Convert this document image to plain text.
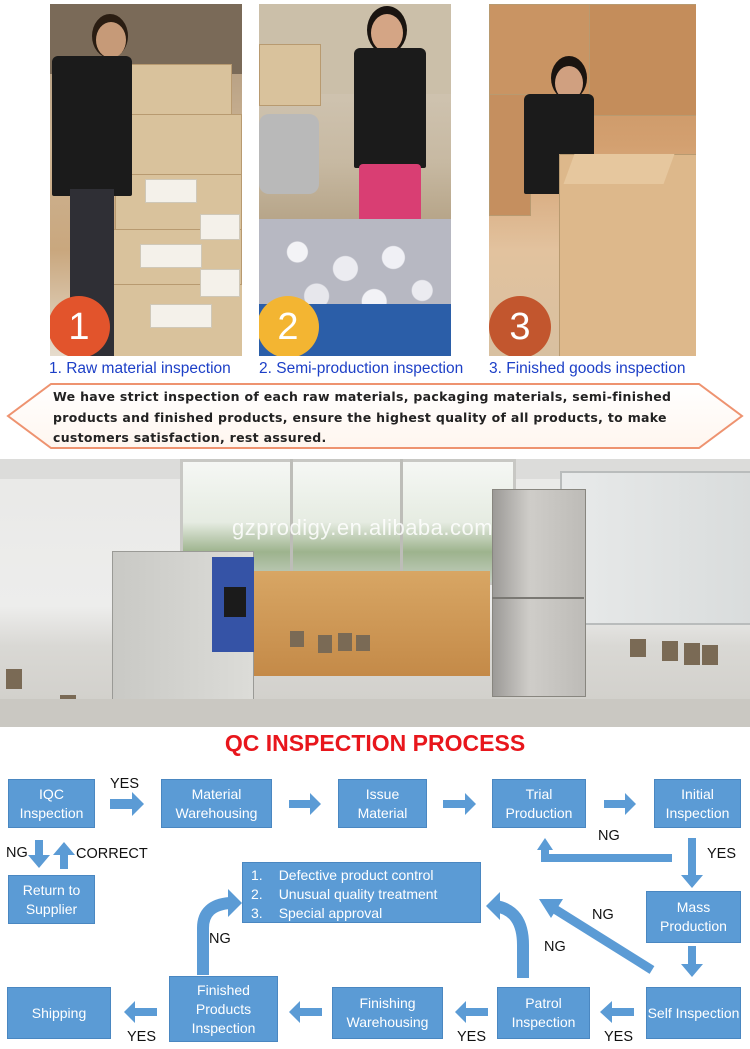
1	2	3
1. Raw material inspection 2. Semi-production inspection 3. Finished goods inspection
We have strict inspection of each raw materials, packaging materials, semi-finished
products and finished products, ensure the highest quality of all products, to make
customers satisfaction, rest assured.
gzprodigy.en.alibaba.com
QC INSPECTION PROCESS
IQC Inspection
Material Warehousing
Issue Material
Trial Production
Initial Inspection
Return to Supplier	Mass Production
Self Inspection
Patrol Inspection
Finishing Warehousing
Finished Products Inspection
Shipping
1. Defective product control
2. Unusual quality treatment
3. Special approval
YES
NG	CORRECT
NG
YES
NG
NG
NG
YES
YES
YES
